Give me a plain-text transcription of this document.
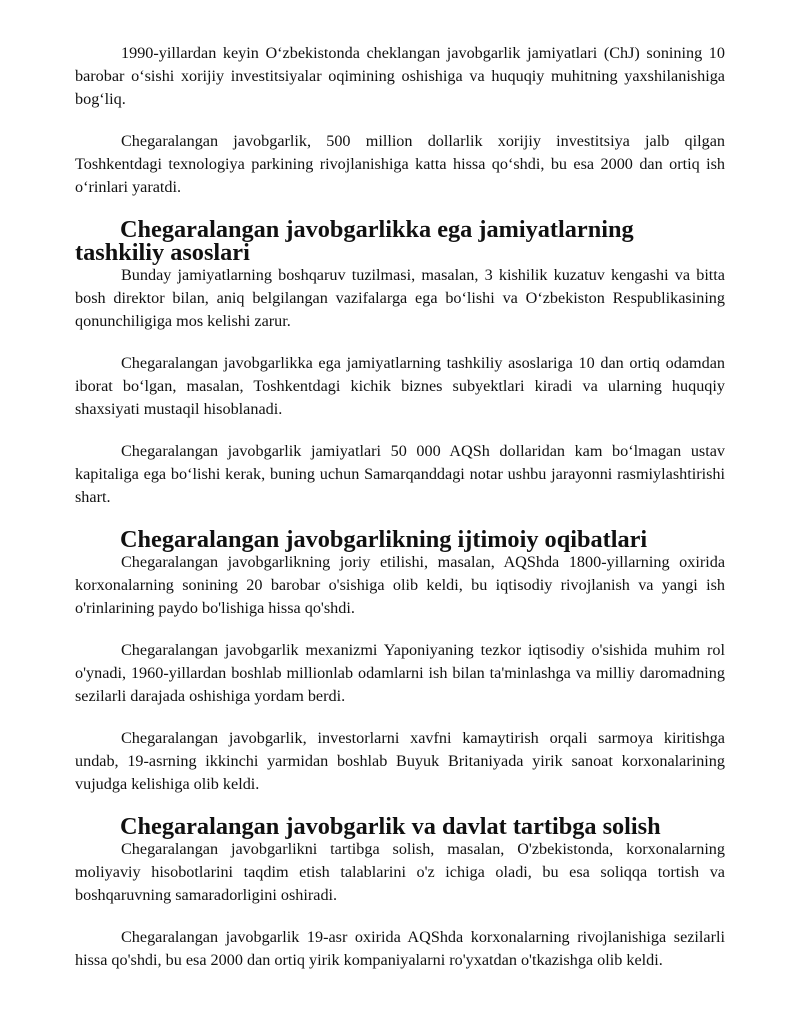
1990-yillardan keyin O‘zbekistonda cheklangan javobgarlik jamiyatlari (ChJ) sonining 10 barobar o‘sishi xorijiy investitsiyalar oqimining oshishiga va huquqiy muhitning yaxshilanishiga bog‘liq.

Chegaralangan javobgarlik, 500 million dollarlik xorijiy investitsiya jalb qilgan Toshkentdagi texnologiya parkining rivojlanishiga katta hissa qo‘shdi, bu esa 2000 dan ortiq ish o‘rinlari yaratdi.

Chegaralangan javobgarlikka ega jamiyatlarning tashkiliy asoslari

Bunday jamiyatlarning boshqaruv tuzilmasi, masalan, 3 kishilik kuzatuv kengashi va bitta bosh direktor bilan, aniq belgilangan vazifalarga ega bo‘lishi va O‘zbekiston Respublikasining qonunchiligiga mos kelishi zarur.

Chegaralangan javobgarlikka ega jamiyatlarning tashkiliy asoslariga 10 dan ortiq odamdan iborat bo‘lgan, masalan, Toshkentdagi kichik biznes subyektlari kiradi va ularning huquqiy shaxsiyati mustaqil hisoblanadi.

Chegaralangan javobgarlik jamiyatlari 50 000 AQSh dollaridan kam bo‘lmagan ustav kapitaliga ega bo‘lishi kerak, buning uchun Samarqanddagi notar ushbu jarayonni rasmiylashtirishi shart.

Chegaralangan javobgarlikning ijtimoiy oqibatlari

Chegaralangan javobgarlikning joriy etilishi, masalan, AQShda 1800-yillarning oxirida korxonalarning sonining 20 barobar o'sishiga olib keldi, bu iqtisodiy rivojlanish va yangi ish o'rinlarining paydo bo'lishiga hissa qo'shdi.

Chegaralangan javobgarlik mexanizmi Yaponiyaning tezkor iqtisodiy o'sishida muhim rol o'ynadi, 1960-yillardan boshlab millionlab odamlarni ish bilan ta'minlashga va milliy daromadning sezilarli darajada oshishiga yordam berdi.

Chegaralangan javobgarlik, investorlarni xavfni kamaytirish orqali sarmoya kiritishga undab, 19-asrning ikkinchi yarmidan boshlab Buyuk Britaniyada yirik sanoat korxonalarining vujudga kelishiga olib keldi.

Chegaralangan javobgarlik va davlat tartibga solish

Chegaralangan javobgarlikni tartibga solish, masalan, O'zbekistonda, korxonalarning moliyaviy hisobotlarini taqdim etish talablarini o'z ichiga oladi, bu esa soliqqa tortish va boshqaruvning samaradorligini oshiradi.

Chegaralangan javobgarlik 19-asr oxirida AQShda korxonalarning rivojlanishiga sezilarli hissa qo'shdi, bu esa 2000 dan ortiq yirik kompaniyalarni ro'yxatdan o'tkazishga olib keldi.
